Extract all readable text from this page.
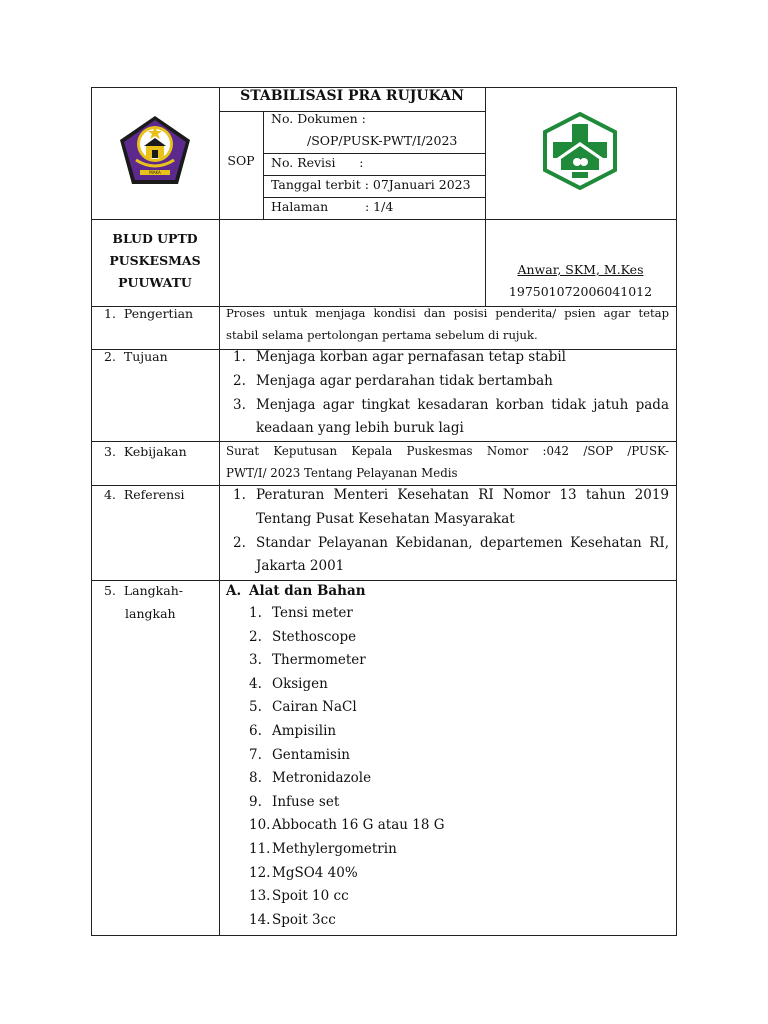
MAKA
STABILISASI PRA RUJUKAN
SOP
No. Dokumen :
/SOP/PUSK-PWT/I/2023
No. Revisi      :
Tanggal terbit : 07Januari 2023
Halaman	: 1/4
BLUD UPTD
PUSKESMAS
PUUWATU
Anwar, SKM, M.Kes
197501072006041012
1.  Pengertian	Proses untuk menjaga kondisi dan posisi penderita/ psien agar tetap
stabil selama pertolongan pertama sebelum di rujuk.
2.  Tujuan	1. Menjaga korban agar pernafasan tetap stabil
2. Menjaga agar perdarahan tidak bertambah
3. Menjaga agar tingkat kesadaran korban tidak jatuh pada
keadaan yang lebih buruk lagi
3.  Kebijakan	Surat Keputusan Kepala Puskesmas Nomor :042 /SOP /PUSK-
PWT/I/ 2023 Tentang Pelayanan Medis
4.  Referensi	1. Peraturan Menteri Kesehatan RI Nomor 13 tahun 2019
Tentang Pusat Kesehatan Masyarakat
2. Standar Pelayanan Kebidanan, departemen Kesehatan RI,
Jakarta 2001
5.  Langkah-
langkah
A. Alat dan Bahan
1. Tensi meter
2. Stethoscope
3. Thermometer
4. Oksigen
5. Cairan NaCl
6. Ampisilin
7. Gentamisin
8. Metronidazole
9. Infuse set
10. Abbocath 16 G atau 18 G
11. Methylergometrin
12. MgSO4 40%
13. Spoit 10 cc
14. Spoit 3cc
